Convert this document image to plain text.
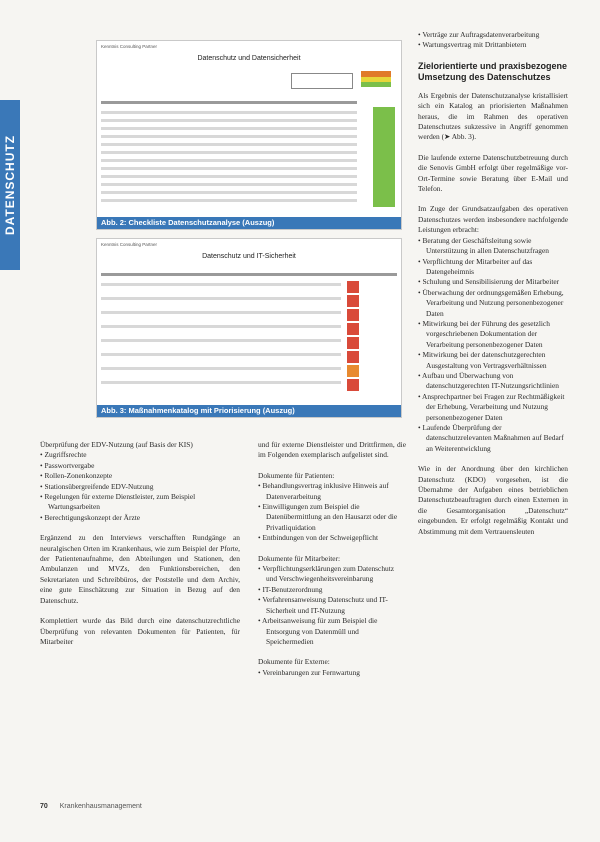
DATENSCHUTZ
Kenntnis Consulting Partner
Datenschutz und Datensicherheit
Abb. 2: Checkliste Datenschutzanalyse (Auszug)
Kenntnis Consulting Partner
Datenschutz und IT-Sicherheit
Abb. 3: Maßnahmenkatalog mit Priorisierung (Auszug)

Überprüfung der EDV-Nutzung (auf Basis der KIS)

• Zugriffsrechte
• Passwortvergabe
• Rollen-Zonenkonzepte
• Stationsübergreifende EDV-Nutzung
• Regelungen für externe Dienstleister, zum Beispiel Wartungsarbeiten
• Berechtigungskonzept der Ärzte

Ergänzend zu den Interviews verschafften Rundgänge an neuralgischen Orten im Krankenhaus, wie zum Beispiel der Pforte, der Patientenaufnahme, den Abteilungen und Stationen, den Ambulanzen und MVZs, den Funktionsbereichen, den Sekretariaten und Schreibbüros, der Poststelle und dem Archiv, eine gute Einschätzung zur Situation in Bezug auf den Datenschutz.

Komplettiert wurde das Bild durch eine datenschutzrechtliche Überprüfung von relevanten Dokumenten für Patienten, für Mitarbeiter

und für externe Dienstleister und Drittfirmen, die im Folgenden exemplarisch aufgelistet sind.

Dokumente für Patienten:

• Behandlungsvertrag inklusive Hinweis auf Datenverarbeitung
• Einwilligungen zum Beispiel die Datenübermittlung an den Hausarzt oder die Privatliquidation
• Entbindungen von der Schweigepflicht

Dokumente für Mitarbeiter:

• Verpflichtungserklärungen zum Datenschutz und Verschwiegenheitsvereinbarung
• IT-Benutzerordnung
• Verfahrensanweisung Datenschutz und IT-Sicherheit und IT-Nutzung
• Arbeitsanweisung für zum Beispiel die Entsorgung von Datenmüll und Speichermedien

Dokumente für Externe:

• Vereinbarungen zur Fernwartung
• Verträge zur Auftragsdatenverarbeitung
• Wartungsvertrag mit Drittanbietern
Zielorientierte und praxisbezogene Umsetzung des Datenschutzes

Als Ergebnis der Datenschutzanalyse kristallisiert sich ein Katalog an priorisierten Maßnahmen heraus, die im Rahmen des operativen Datenschutzes sukzessive in Angriff genommen werden (➤ Abb. 3).

Die laufende externe Datenschutzbetreuung durch die Senovis GmbH erfolgt über regelmäßige vor-Ort-Termine sowie Beratung über E-Mail und Telefon.

Im Zuge der Grundsatzaufgaben des operativen Datenschutzes werden insbesondere nachfolgende Leistungen erbracht:

• Beratung der Geschäftsleitung sowie Unterstützung in allen Datenschutzfragen
• Verpflichtung der Mitarbeiter auf das Datengeheimnis
• Schulung und Sensibilisierung der Mitarbeiter
• Überwachung der ordnungsgemäßen Erhebung, Verarbeitung und Nutzung personenbezogener Daten
• Mitwirkung bei der Führung des gesetzlich vorgeschriebenen Dokumentation der Verarbeitung personenbezogener Daten
• Mitwirkung bei der datenschutzgerechten Ausgestaltung von Vertragsverhältnissen
• Aufbau und Überwachung von datenschutzgerechten IT-Nutzungsrichtlinien
• Ansprechpartner bei Fragen zur Rechtmäßigkeit der Erhebung, Verarbeitung und Nutzung personenbezogener Daten
• Laufende Überprüfung der datenschutzrelevanten Maßnahmen auf Bedarf an Weiterentwicklung

Wie in der Anordnung über den kirchlichen Datenschutz (KDO) vorgesehen, ist die Übernahme der Aufgaben eines betrieblichen Datenschutzbeauftragten durch einen Externen in die Gesamtorganisation „Datenschutz“ eingebunden. Er erfolgt regelmäßig Kontakt und Abstimmung mit dem Vertrauensleuten

70 Krankenhausmanagement
